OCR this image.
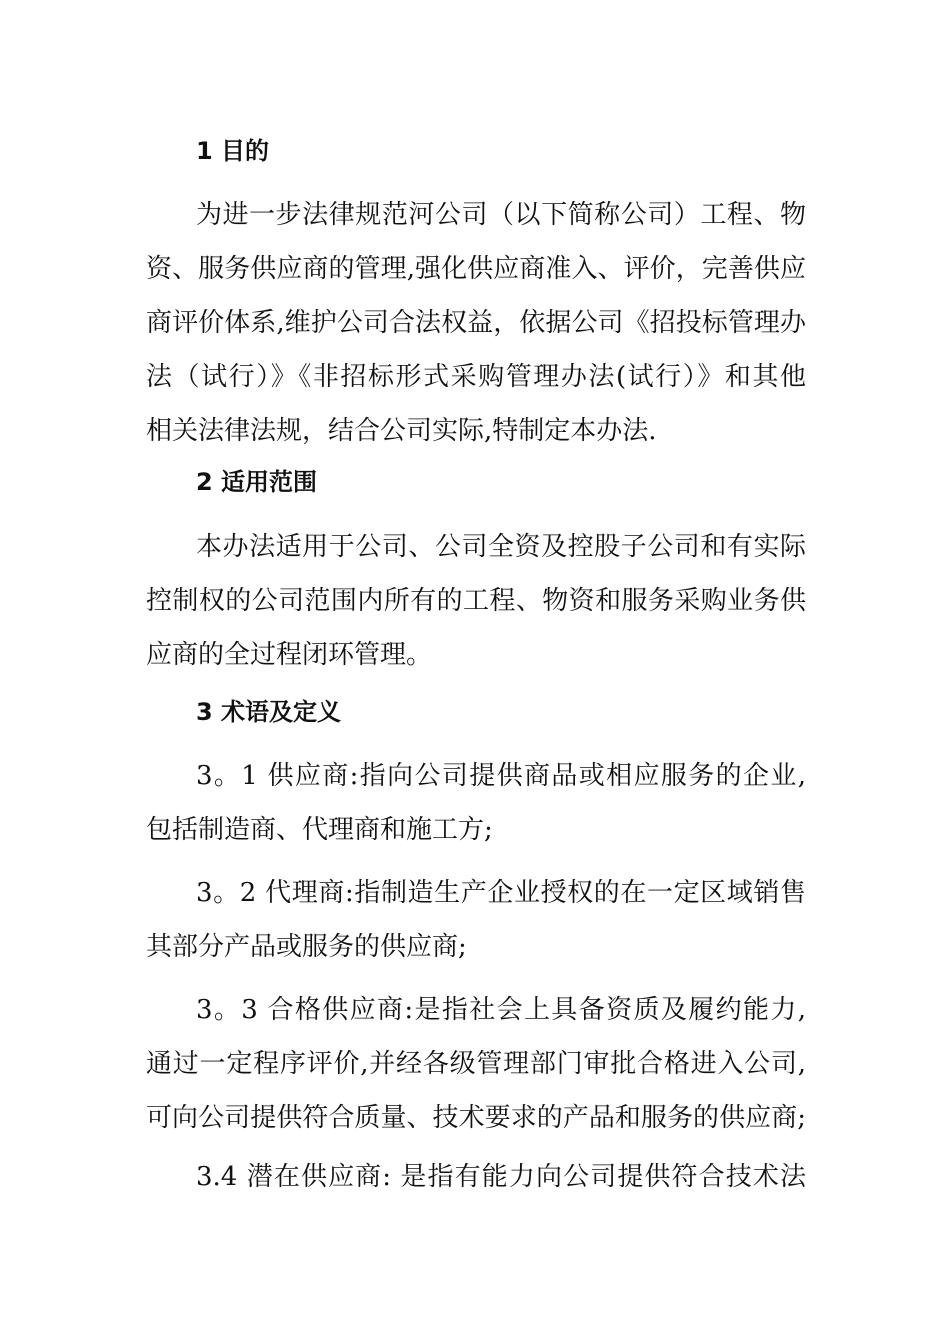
1 目的
为进一步法律规范河公司（以下简称公司）工程、物
资、服务供应商的管理,强化供应商准入、评价，完善供应
商评价体系,维护公司合法权益，依据公司《招投标管理办
法（试行）》《非招标形式采购管理办法(试行）》和其他
相关法律法规，结合公司实际,特制定本办法.
2 适用范围
本办法适用于公司、公司全资及控股子公司和有实际
控制权的公司范围内所有的工程、物资和服务采购业务供
应商的全过程闭环管理。
3 术语及定义
3。1 供应商:指向公司提供商品或相应服务的企业,
包括制造商、代理商和施工方;
3。2 代理商:指制造生产企业授权的在一定区域销售
其部分产品或服务的供应商;
3。3 合格供应商:是指社会上具备资质及履约能力,
通过一定程序评价,并经各级管理部门审批合格进入公司,
可向公司提供符合质量、技术要求的产品和服务的供应商;
3.4 潜在供应商: 是指有能力向公司提供符合技术法
